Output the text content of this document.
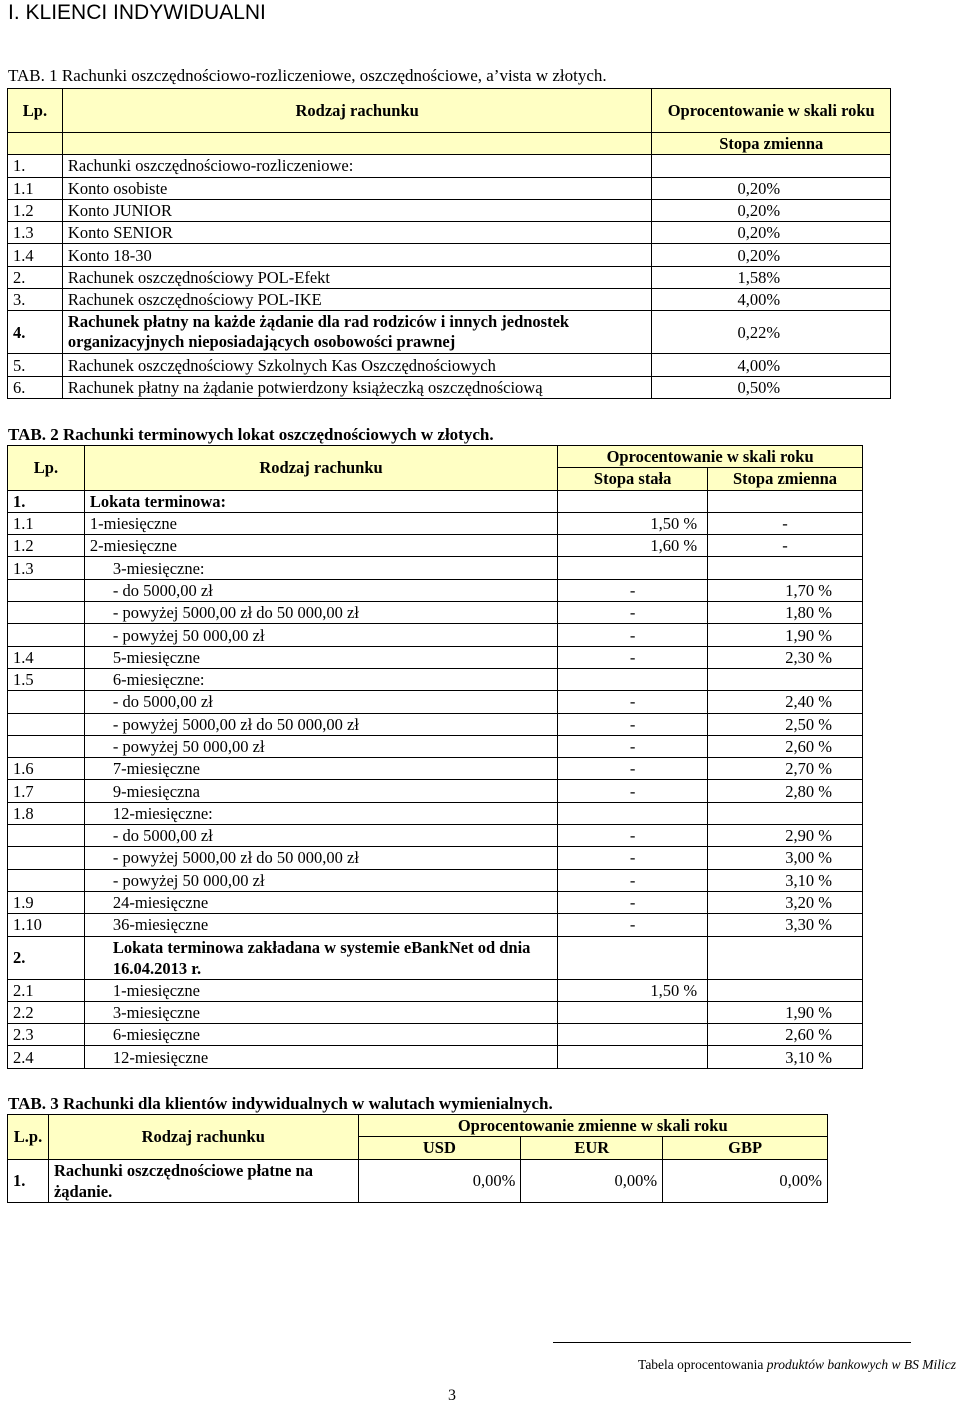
I. KLIENCI INDYWIDUALNI
TAB. 1 Rachunki oszczędnościowo-rozliczeniowe, oszczędnościowe, a’vista w złotych.
Lp.	Rodzaj rachunku	Oprocentowanie w skali roku
		Stopa zmienna
1.	Rachunki oszczędnościowo-rozliczeniowe:	
1.1	Konto osobiste	0,20%
1.2	Konto JUNIOR	0,20%
1.3	Konto SENIOR	0,20%
1.4	Konto 18-30	0,20%
2.	Rachunek oszczędnościowy POL-Efekt	1,58%
3.	Rachunek oszczędnościowy POL-IKE	4,00%
4.	Rachunek płatny na każde żądanie dla rad rodziców i innych jednostek organizacyjnych nieposiadających osobowości prawnej	0,22%
5.	Rachunek oszczędnościowy Szkolnych Kas Oszczędnościowych	4,00%
6.	Rachunek płatny na żądanie potwierdzony książeczką oszczędnościową	0,50%
TAB. 2 Rachunki terminowych lokat oszczędnościowych w złotych.
Lp.	Rodzaj rachunku	Oprocentowanie w skali roku	
		Stopa stała	Stopa zmienna
1.	Lokata terminowa:		
1.1	1-miesięczne	1,50 %	-
1.2	2-miesięczne	1,60 %	-
1.3	3-miesięczne:		
	- do 5000,00 zł	-	1,70 %
	- powyżej 5000,00 zł do 50 000,00 zł	-	1,80 %
	- powyżej 50 000,00 zł	-	1,90 %
1.4	5-miesięczne	-	2,30 %
1.5	6-miesięczne:		
	- do 5000,00 zł	-	2,40 %
	- powyżej 5000,00 zł do 50 000,00 zł	-	2,50 %
	- powyżej 50 000,00 zł	-	2,60 %
1.6	7-miesięczne	-	2,70 %
1.7	9-miesięczna	-	2,80 %
1.8	12-miesięczne:		
	- do 5000,00 zł	-	2,90 %
	- powyżej 5000,00 zł do 50 000,00 zł	-	3,00 %
	- powyżej 50 000,00 zł	-	3,10 %
1.9	24-miesięczne	-	3,20 %
1.10	36-miesięczne	-	3,30 %
2.	Lokata terminowa zakładana w systemie eBankNet od dnia 16.04.2013 r.		
2.1	1-miesięczne	1,50 %	
2.2	3-miesięczne		1,90 %
2.3	6-miesięczne		2,60 %
2.4	12-miesięczne		3,10 %
TAB. 3 Rachunki dla klientów indywidualnych w walutach wymienialnych.
L.p.	Rodzaj rachunku	Oprocentowanie zmienne w skali roku		
		USD	EUR	GBP
1.	Rachunki oszczędnościowe płatne na żądanie.	0,00%	0,00%	0,00%
Tabela oprocentowania produktów bankowych w BS Milicz
3
